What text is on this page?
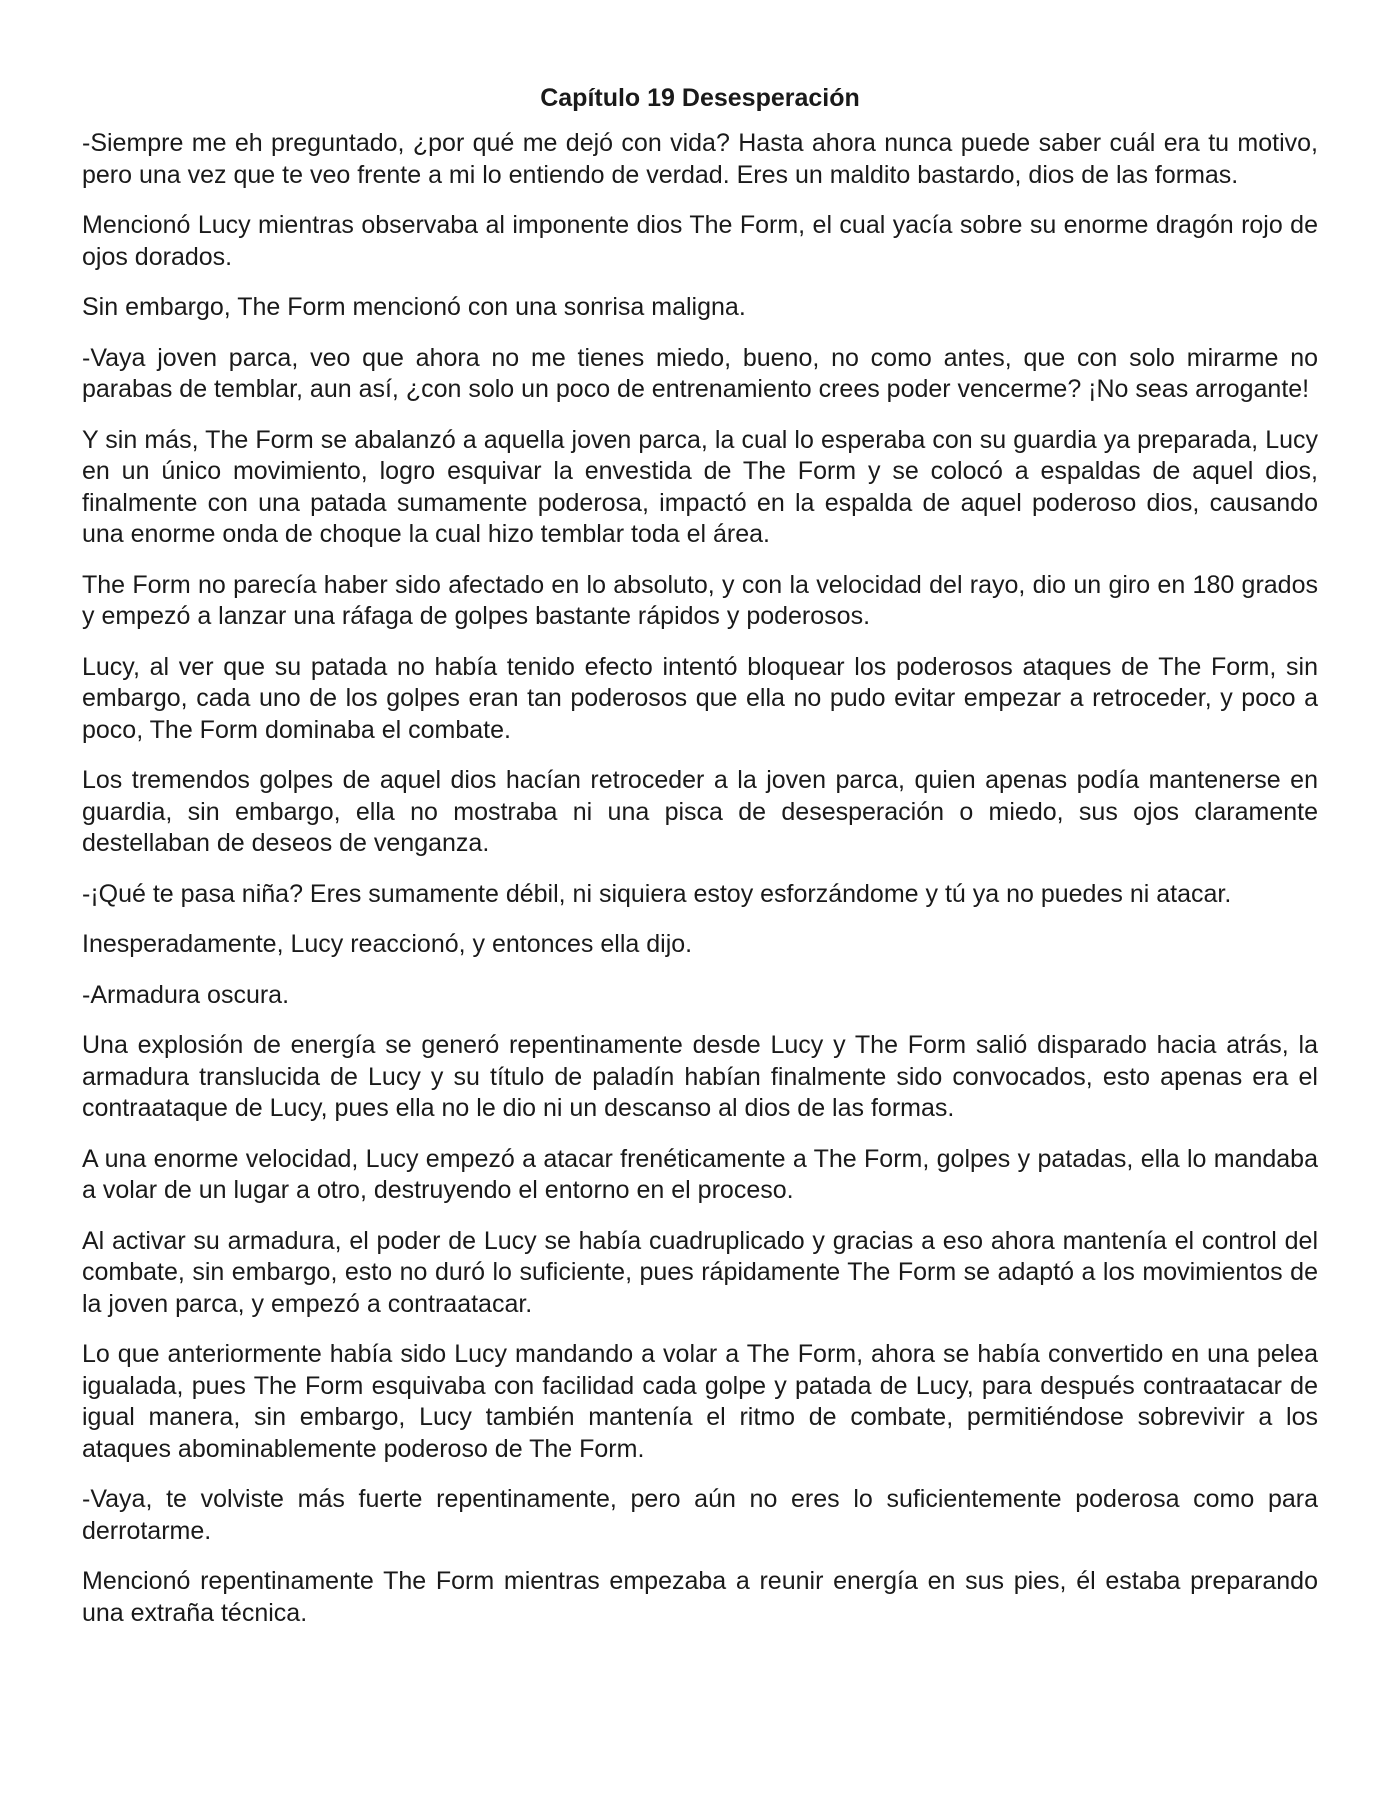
Capítulo 19 Desesperación

-Siempre me eh preguntado, ¿por qué me dejó con vida? Hasta ahora nunca puede saber cuál era tu motivo, pero una vez que te veo frente a mi lo entiendo de verdad. Eres un maldito bastardo, dios de las formas.

Mencionó Lucy mientras observaba al imponente dios The Form, el cual yacía sobre su enorme dragón rojo de ojos dorados.

Sin embargo, The Form mencionó con una sonrisa maligna.

-Vaya joven parca, veo que ahora no me tienes miedo, bueno, no como antes, que con solo mirarme no parabas de temblar, aun así, ¿con solo un poco de entrenamiento crees poder vencerme? ¡No seas arrogante!

Y sin más, The Form se abalanzó a aquella joven parca, la cual lo esperaba con su guardia ya preparada, Lucy en un único movimiento, logro esquivar la envestida de The Form y se colocó a espaldas de aquel dios, finalmente con una patada sumamente poderosa, impactó en la espalda de aquel poderoso dios, causando una enorme onda de choque la cual hizo temblar toda el área.

The Form no parecía haber sido afectado en lo absoluto, y con la velocidad del rayo, dio un giro en 180 grados y empezó a lanzar una ráfaga de golpes bastante rápidos y poderosos.

Lucy, al ver que su patada no había tenido efecto intentó bloquear los poderosos ataques de The Form, sin embargo, cada uno de los golpes eran tan poderosos que ella no pudo evitar empezar a retroceder, y poco a poco, The Form dominaba el combate.

Los tremendos golpes de aquel dios hacían retroceder a la joven parca, quien apenas podía mantenerse en guardia, sin embargo, ella no mostraba ni una pisca de desesperación o miedo, sus ojos claramente destellaban de deseos de venganza.

-¡Qué te pasa niña? Eres sumamente débil, ni siquiera estoy esforzándome y tú ya no puedes ni atacar.

Inesperadamente, Lucy reaccionó, y entonces ella dijo.

-Armadura oscura.

Una explosión de energía se generó repentinamente desde Lucy y The Form salió disparado hacia atrás, la armadura translucida de Lucy y su título de paladín habían finalmente sido convocados, esto apenas era el contraataque de Lucy, pues ella no le dio ni un descanso al dios de las formas.

A una enorme velocidad, Lucy empezó a atacar frenéticamente a The Form, golpes y patadas, ella lo mandaba a volar de un lugar a otro, destruyendo el entorno en el proceso.

Al activar su armadura, el poder de Lucy se había cuadruplicado y gracias a eso ahora mantenía el control del combate, sin embargo, esto no duró lo suficiente, pues rápidamente The Form se adaptó a los movimientos de la joven parca, y empezó a contraatacar.

Lo que anteriormente había sido Lucy mandando a volar a The Form, ahora se había convertido en una pelea igualada, pues The Form esquivaba con facilidad cada golpe y patada de Lucy, para después contraatacar de igual manera, sin embargo, Lucy también mantenía el ritmo de combate, permitiéndose sobrevivir a los ataques abominablemente poderoso de The Form.

-Vaya, te volviste más fuerte repentinamente, pero aún no eres lo suficientemente poderosa como para derrotarme.

Mencionó repentinamente The Form mientras empezaba a reunir energía en sus pies, él estaba preparando una extraña técnica.
